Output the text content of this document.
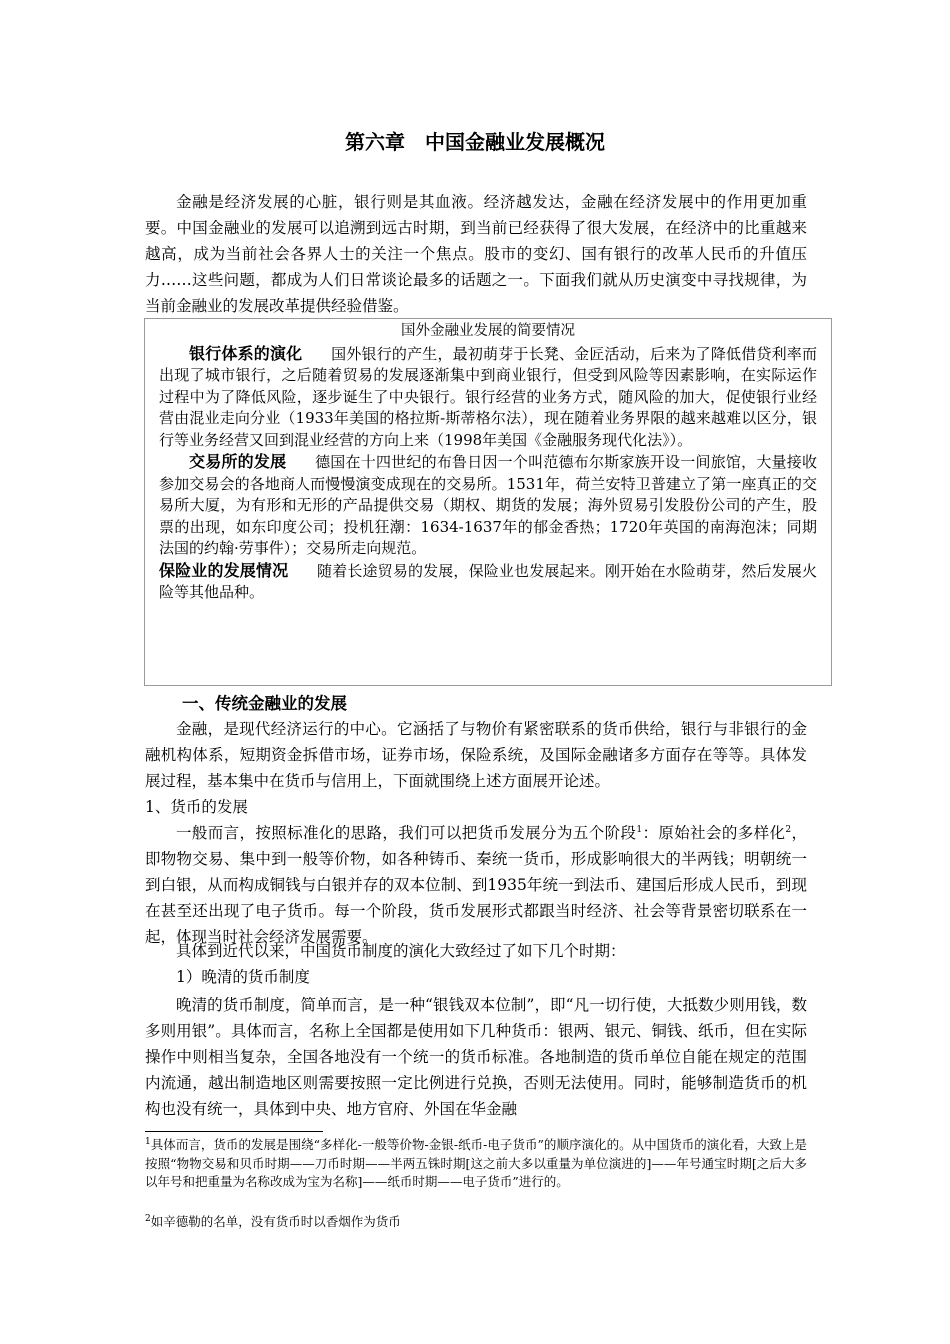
第六章　中国金融业发展概况

金融是经济发展的心脏，银行则是其血液。经济越发达，金融在经济发展中的作用更加重要。中国金融业的发展可以追溯到远古时期，到当前已经获得了很大发展，在经济中的比重越来越高，成为当前社会各界人士的关注一个焦点。股市的变幻、国有银行的改革人民币的升值压力……这些问题，都成为人们日常谈论最多的话题之一。下面我们就从历史演变中寻找规律，为当前金融业的发展改革提供经验借鉴。

国外金融业发展的简要情况

银行体系的演化 国外银行的产生，最初萌芽于长凳、金匠活动，后来为了降低借贷利率而出现了城市银行，之后随着贸易的发展逐渐集中到商业银行，但受到风险等因素影响，在实际运作过程中为了降低风险，逐步诞生了中央银行。银行经营的业务方式，随风险的加大，促使银行业经营由混业走向分业（1933年美国的格拉斯-斯蒂格尔法），现在随着业务界限的越来越难以区分，银行等业务经营又回到混业经营的方向上来（1998年美国《金融服务现代化法》）。

交易所的发展 德国在十四世纪的布鲁日因一个叫范德布尔斯家族开设一间旅馆，大量接收参加交易会的各地商人而慢慢演变成现在的交易所。1531年，荷兰安特卫普建立了第一座真正的交易所大厦，为有形和无形的产品提供交易（期权、期货的发展；海外贸易引发股份公司的产生，股票的出现，如东印度公司；投机狂潮：1634-1637年的郁金香热；1720年英国的南海泡沫；同期法国的约翰·劳事件）；交易所走向规范。

保险业的发展情况 随着长途贸易的发展，保险业也发展起来。刚开始在水险萌芽，然后发展火险等其他品种。

一、传统金融业的发展

金融，是现代经济运行的中心。它涵括了与物价有紧密联系的货币供给，银行与非银行的金融机构体系，短期资金拆借市场，证券市场，保险系统，及国际金融诸多方面存在等等。具体发展过程，基本集中在货币与信用上，下面就围绕上述方面展开论述。

1、货币的发展

一般而言，按照标准化的思路，我们可以把货币发展分为五个阶段$^1$：原始社会的多样化$^2$，即物物交易、集中到一般等价物，如各种铸币、秦统一货币，形成影响很大的半两钱；明朝统一到白银，从而构成铜钱与白银并存的双本位制、到1935年统一到法币、建国后形成人民币，到现在甚至还出现了电子货币。每一个阶段，货币发展形式都跟当时经济、社会等背景密切联系在一起，体现当时社会经济发展需要。

具体到近代以来，中国货币制度的演化大致经过了如下几个时期：

1）晚清的货币制度

晚清的货币制度，简单而言，是一种“银钱双本位制”，即“凡一切行使，大抵数少则用钱，数多则用银”。具体而言，名称上全国都是使用如下几种货币：银两、银元、铜钱、纸币，但在实际操作中则相当复杂，全国各地没有一个统一的货币标准。各地制造的货币单位自能在规定的范围内流通，越出制造地区则需要按照一定比例进行兑换，否则无法使用。同时，能够制造货币的机构也没有统一，具体到中央、地方官府、外国在华金融

$^1$具体而言，货币的发展是围绕“多样化-一般等价物-金银-纸币-电子货币”的顺序演化的。从中国货币的演化看，大致上是按照“物物交易和贝币时期——刀币时期——半两五铢时期[这之前大多以重量为单位演进的]——年号通宝时期[之后大多以年号和把重量为名称改成为宝为名称]——纸币时期——电子货币”进行的。

$^2$如辛德勒的名单，没有货币时以香烟作为货币
